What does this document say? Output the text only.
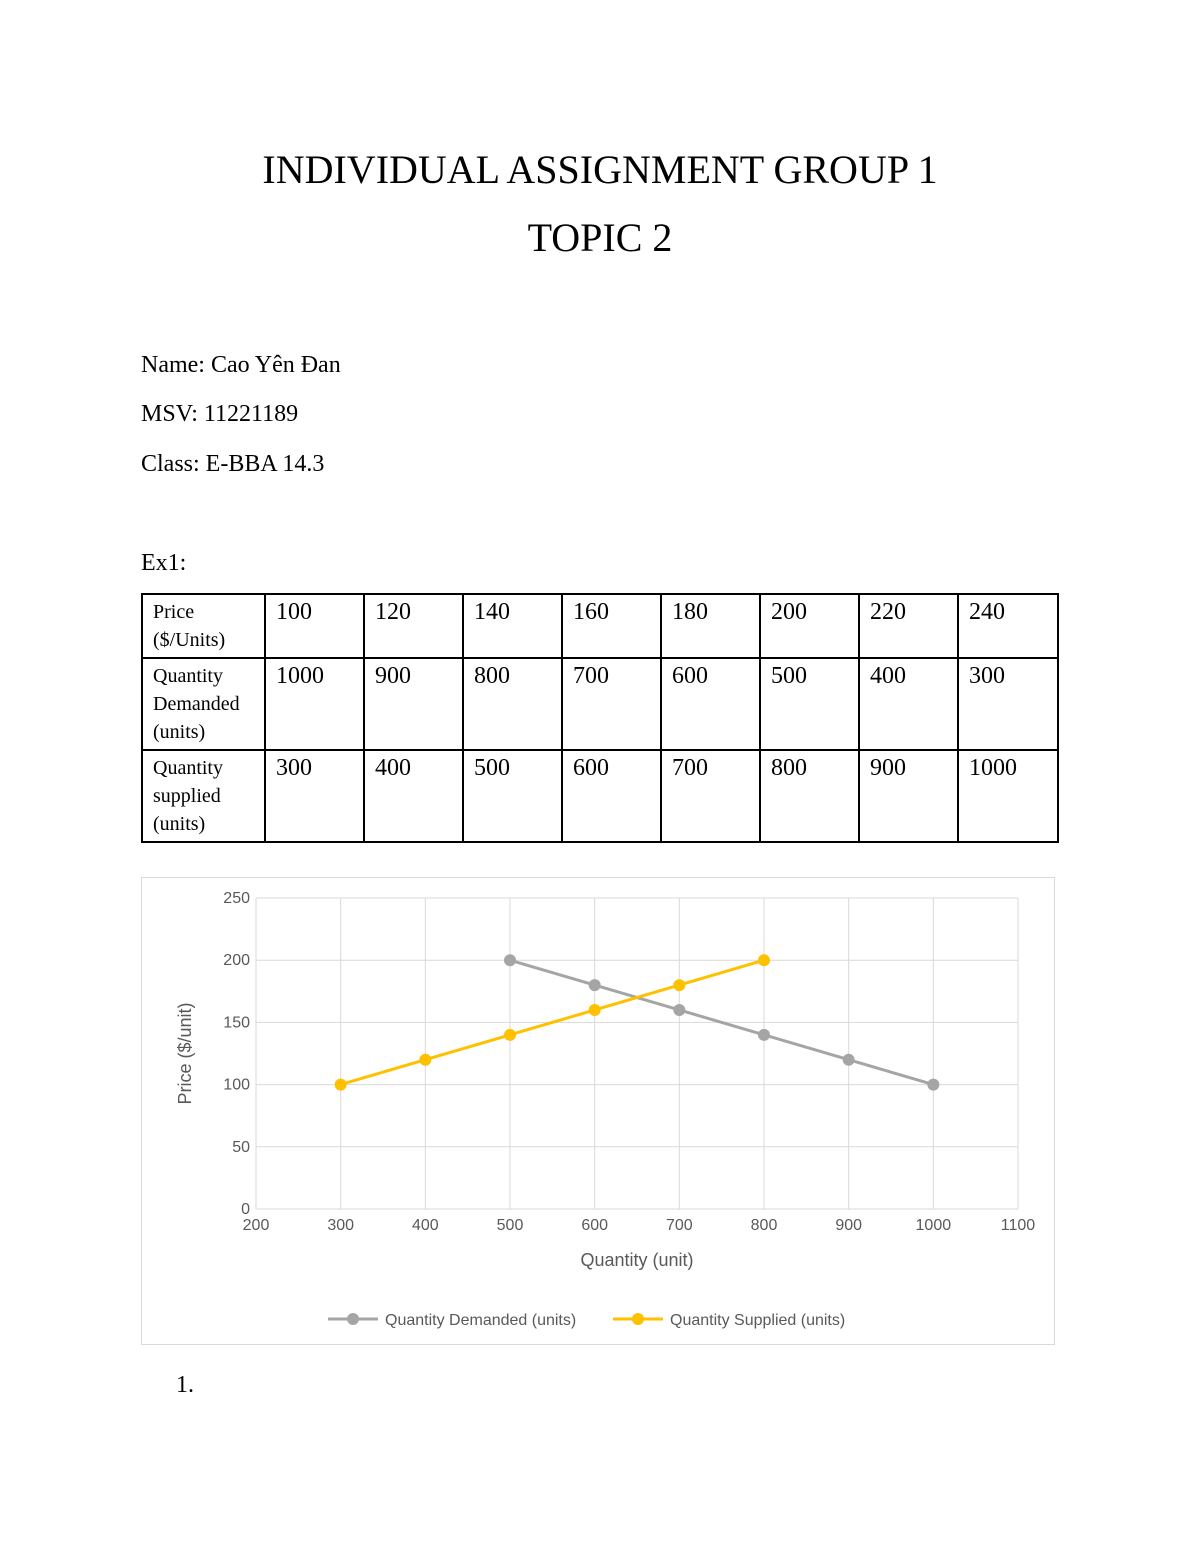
INDIVIDUAL ASSIGNMENT GROUP 1
TOPIC 2
Name: Cao Yên Đan
MSV: 11221189
Class: E-BBA 14.3
Ex1:
Price ($/Units)	100	120	140	160	180	200	220	240
Quantity Demanded (units)	1000	900	800	700	600	500	400	300
Quantity supplied (units)	300	400	500	600	700	800	900	1000
200	300	400	500	600	700	800	900	1000	1100
0
50
100
150
200
250
Quantity (unit)
Price ($/unit)
Quantity Demanded (units)	Quantity Supplied (units)
1.
